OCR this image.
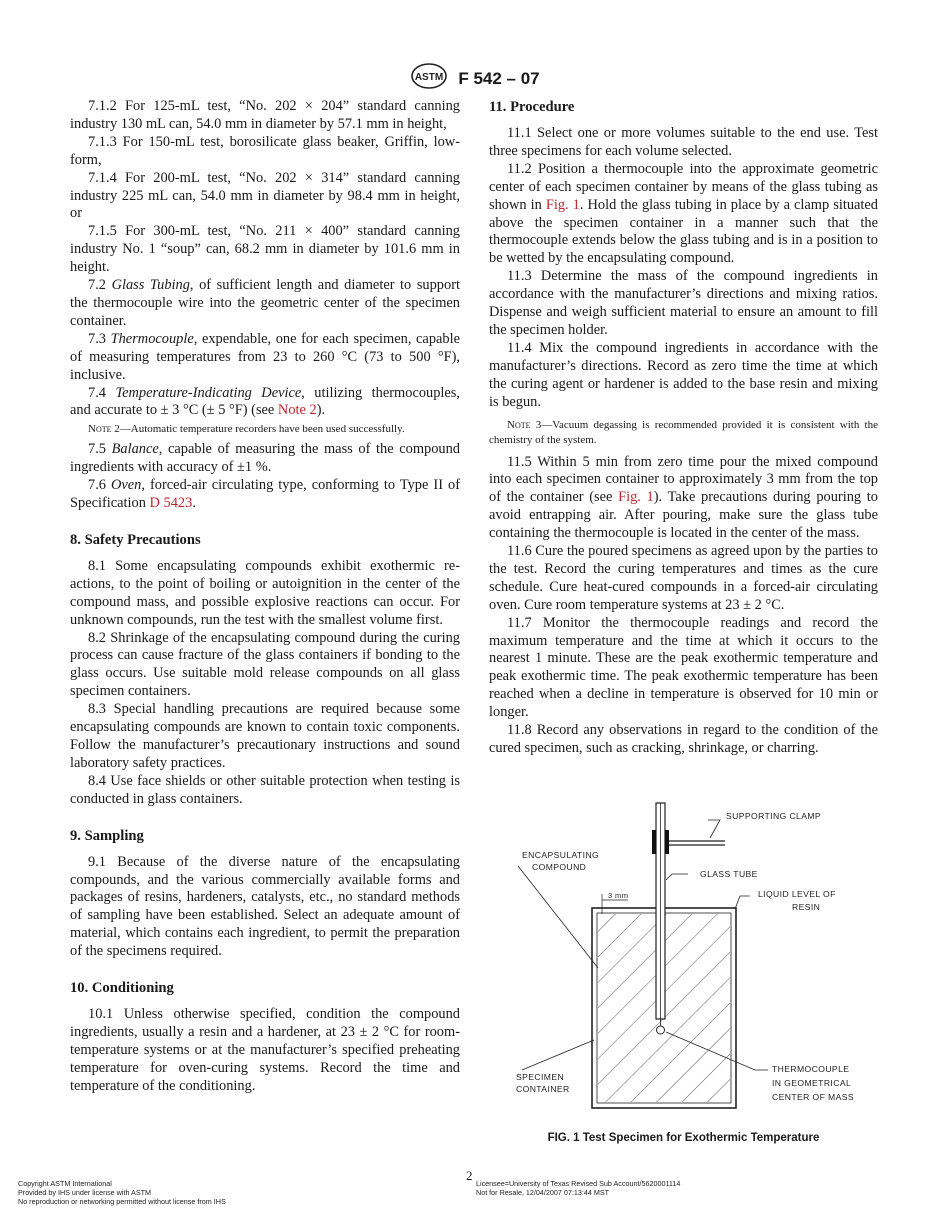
ASTM F 542 – 07

7.1.2 For 125-mL test, “No. 202 × 204” standard canning industry 130 mL can, 54.0 mm in diameter by 57.1 mm in height,

7.1.3 For 150-mL test, borosilicate glass beaker, Griffin, low-form,

7.1.4 For 200-mL test, “No. 202 × 314” standard canning industry 225 mL can, 54.0 mm in diameter by 98.4 mm in height, or

7.1.5 For 300-mL test, “No. 211 × 400” standard canning industry No. 1 “soup” can, 68.2 mm in diameter by 101.6 mm in height.

7.2 Glass Tubing, of sufficient length and diameter to support the thermocouple wire into the geometric center of the specimen container.

7.3 Thermocouple, expendable, one for each specimen, capable of measuring temperatures from 23 to 260 °C (73 to 500 °F), inclusive.

7.4 Temperature-Indicating Device, utilizing thermocouples, and accurate to ± 3 °C (± 5 °F) (see Note 2).

Note 2—Automatic temperature recorders have been used successfully.

7.5 Balance, capable of measuring the mass of the compound ingredients with accuracy of ±1 %.

7.6 Oven, forced-air circulating type, conforming to Type II of Specification D 5423.

8. Safety Precautions

8.1 Some encapsulating compounds exhibit exothermic reactions, to the point of boiling or autoignition in the center of the compound mass, and possible explosive reactions can occur. For unknown compounds, run the test with the smallest volume first.

8.2 Shrinkage of the encapsulating compound during the curing process can cause fracture of the glass containers if bonding to the glass occurs. Use suitable mold release compounds on all glass specimen containers.

8.3 Special handling precautions are required because some encapsulating compounds are known to contain toxic components. Follow the manufacturer’s precautionary instructions and sound laboratory safety practices.

8.4 Use face shields or other suitable protection when testing is conducted in glass containers.

9. Sampling

9.1 Because of the diverse nature of the encapsulating compounds, and the various commercially available forms and packages of resins, hardeners, catalysts, etc., no standard methods of sampling have been established. Select an adequate amount of material, which contains each ingredient, to permit the preparation of the specimens required.

10. Conditioning

10.1 Unless otherwise specified, condition the compound ingredients, usually a resin and a hardener, at 23 ± 2 °C for room-temperature systems or at the manufacturer’s specified preheating temperature for oven-curing systems. Record the time and temperature of the conditioning.

11. Procedure

11.1 Select one or more volumes suitable to the end use. Test three specimens for each volume selected.

11.2 Position a thermocouple into the approximate geometric center of each specimen container by means of the glass tubing as shown in Fig. 1. Hold the glass tubing in place by a clamp situated above the specimen container in a manner such that the thermocouple extends below the glass tubing and is in a position to be wetted by the encapsulating compound.

11.3 Determine the mass of the compound ingredients in accordance with the manufacturer’s directions and mixing ratios. Dispense and weigh sufficient material to ensure an amount to fill the specimen holder.

11.4 Mix the compound ingredients in accordance with the manufacturer’s directions. Record as zero time the time at which the curing agent or hardener is added to the base resin and mixing is begun.

Note 3—Vacuum degassing is recommended provided it is consistent with the chemistry of the system.

11.5 Within 5 min from zero time pour the mixed compound into each specimen container to approximately 3 mm from the top of the container (see Fig. 1). Take precautions during pouring to avoid entrapping air. After pouring, make sure the glass tube containing the thermocouple is located in the center of the mass.

11.6 Cure the poured specimens as agreed upon by the parties to the test. Record the curing temperatures and times as the cure schedule. Cure heat-cured compounds in a forced-air circulating oven. Cure room temperature systems at 23 ± 2 °C.

11.7 Monitor the thermocouple readings and record the maximum temperature and the time at which it occurs to the nearest 1 minute. These are the peak exothermic temperature and peak exothermic time. The peak exothermic temperature has been reached when a decline in temperature is observed for 10 min or longer.

11.8 Record any observations in regard to the condition of the cured specimen, such as cracking, shrinkage, or charring.

SUPPORTING CLAMP
ENCAPSULATING
COMPOUND
GLASS TUBE
3 mm	LIQUID LEVEL OF
RESIN
SPECIMEN
CONTAINER
THERMOCOUPLE
IN GEOMETRICAL
CENTER OF MASS
FIG. 1 Test Specimen for Exothermic Temperature
2
Copyright ASTM International
Provided by IHS under license with ASTM
No reproduction or networking permitted without license from IHS
Licensee=University of Texas Revised Sub Account/5620001114
Not for Resale, 12/04/2007 07:13:44 MST
